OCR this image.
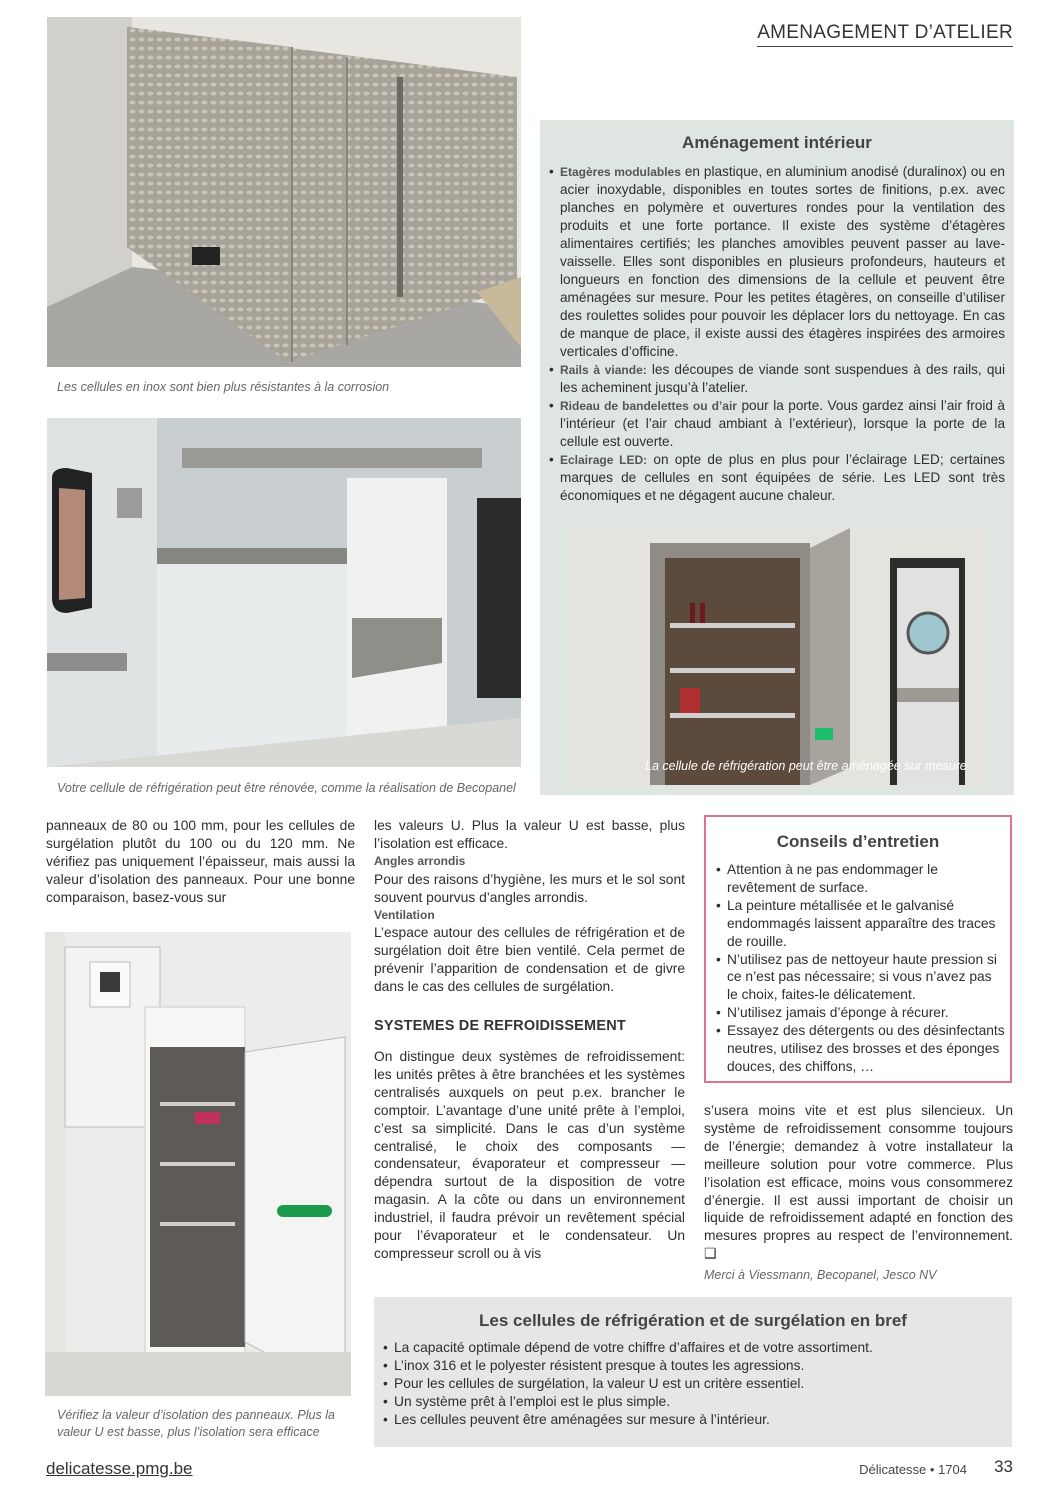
AMENAGEMENT D’ATELIER
Les cellules en inox sont bien plus résistantes à la corrosion
Votre cellule de réfrigération peut être rénovée, comme la réalisation de Becopanel
Aménagement intérieur
• Etagères modulables en plastique, en aluminium anodisé (duralinox) ou en acier inoxydable, disponibles en toutes sortes de finitions, p.ex. avec planches en polymère et ouvertures rondes pour la ventilation des produits et une forte portance. Il existe des système d’étagères alimentaires certifiés; les planches amovibles peuvent passer au lave-vaisselle. Elles sont disponibles en plusieurs profondeurs, hauteurs et longueurs en fonction des dimensions de la cellule et peuvent être aménagées sur mesure. Pour les petites étagères, on conseille d’utiliser des roulettes solides pour pouvoir les déplacer lors du nettoyage. En cas de manque de place, il existe aussi des étagères inspirées des armoires verticales d’officine.
• Rails à viande: les découpes de viande sont suspendues à des rails, qui les acheminent jusqu’à l’atelier.
• Rideau de bandelettes ou d’air pour la porte. Vous gardez ainsi l’air froid à l’intérieur (et l’air chaud ambiant à l’extérieur), lorsque la porte de la cellule est ouverte.
• Eclairage LED: on opte de plus en plus pour l’éclairage LED; certaines marques de cellules en sont équipées de série. Les LED sont très économiques et ne dégagent aucune chaleur.
La cellule de réfrigération peut être aménagée sur mesure

panneaux de 80 ou 100 mm, pour les cellules de surgélation plutôt du 100 ou du 120 mm. Ne vérifiez pas uniquement l’épaisseur, mais aussi la valeur d’isolation des panneaux. Pour une bonne comparaison, basez-vous sur

Vérifiez la valeur d’isolation des panneaux. Plus la
valeur U est basse, plus l’isolation sera efficace

les valeurs U. Plus la valeur U est basse, plus l’isolation est efficace.

Angles arrondis

Pour des raisons d’hygiène, les murs et le sol sont souvent pourvus d’angles arrondis.

Ventilation

L’espace autour des cellules de réfrigération et de surgélation doit être bien ventilé. Cela permet de prévenir l’apparition de condensation et de givre dans le cas des cellules de surgélation.

SYSTEMES DE REFROIDISSEMENT

On distingue deux systèmes de refroidissement: les unités prêtes à être branchées et les systèmes centralisés auxquels on peut p.ex. brancher le comptoir. L’avantage d’une unité prête à l’emploi, c’est sa simplicité. Dans le cas d’un système centralisé, le choix des composants — condensateur, évaporateur et compresseur — dépendra surtout de la disposition de votre magasin. A la côte ou dans un environnement industriel, il faudra prévoir un revêtement spécial pour l’évaporateur et le condensateur. Un compresseur scroll ou à vis

Conseils d’entretien
• Attention à ne pas endommager le revêtement de surface.
• La peinture métallisée et le galvanisé endommagés laissent apparaître des traces de rouille.
• N’utilisez pas de nettoyeur haute pression si ce n’est pas nécessaire; si vous n’avez pas le choix, faites-le délicatement.
• N’utilisez jamais d’éponge à récurer.
• Essayez des détergents ou des désinfectants neutres, utilisez des brosses et des éponges douces, des chiffons, …

s’usera moins vite et est plus silencieux. Un système de refroidissement consomme toujours de l’énergie; demandez à votre installateur la meilleure solution pour votre commerce. Plus l’isolation est efficace, moins vous consommerez d’énergie. Il est aussi important de choisir un liquide de refroidissement adapté en fonction des mesures propres au respect de l’environnement. ❑

Merci à Viessmann, Becopanel, Jesco NV
Les cellules de réfrigération et de surgélation en bref
• La capacité optimale dépend de votre chiffre d’affaires et de votre assortiment.
• L’inox 316 et le polyester résistent presque à toutes les agressions.
• Pour les cellules de surgélation, la valeur U est un critère essentiel.
• Un système prêt à l’emploi est le plus simple.
• Les cellules peuvent être aménagées sur mesure à l’intérieur.
delicatesse.pmg.be	Délicatesse • 1704 33
